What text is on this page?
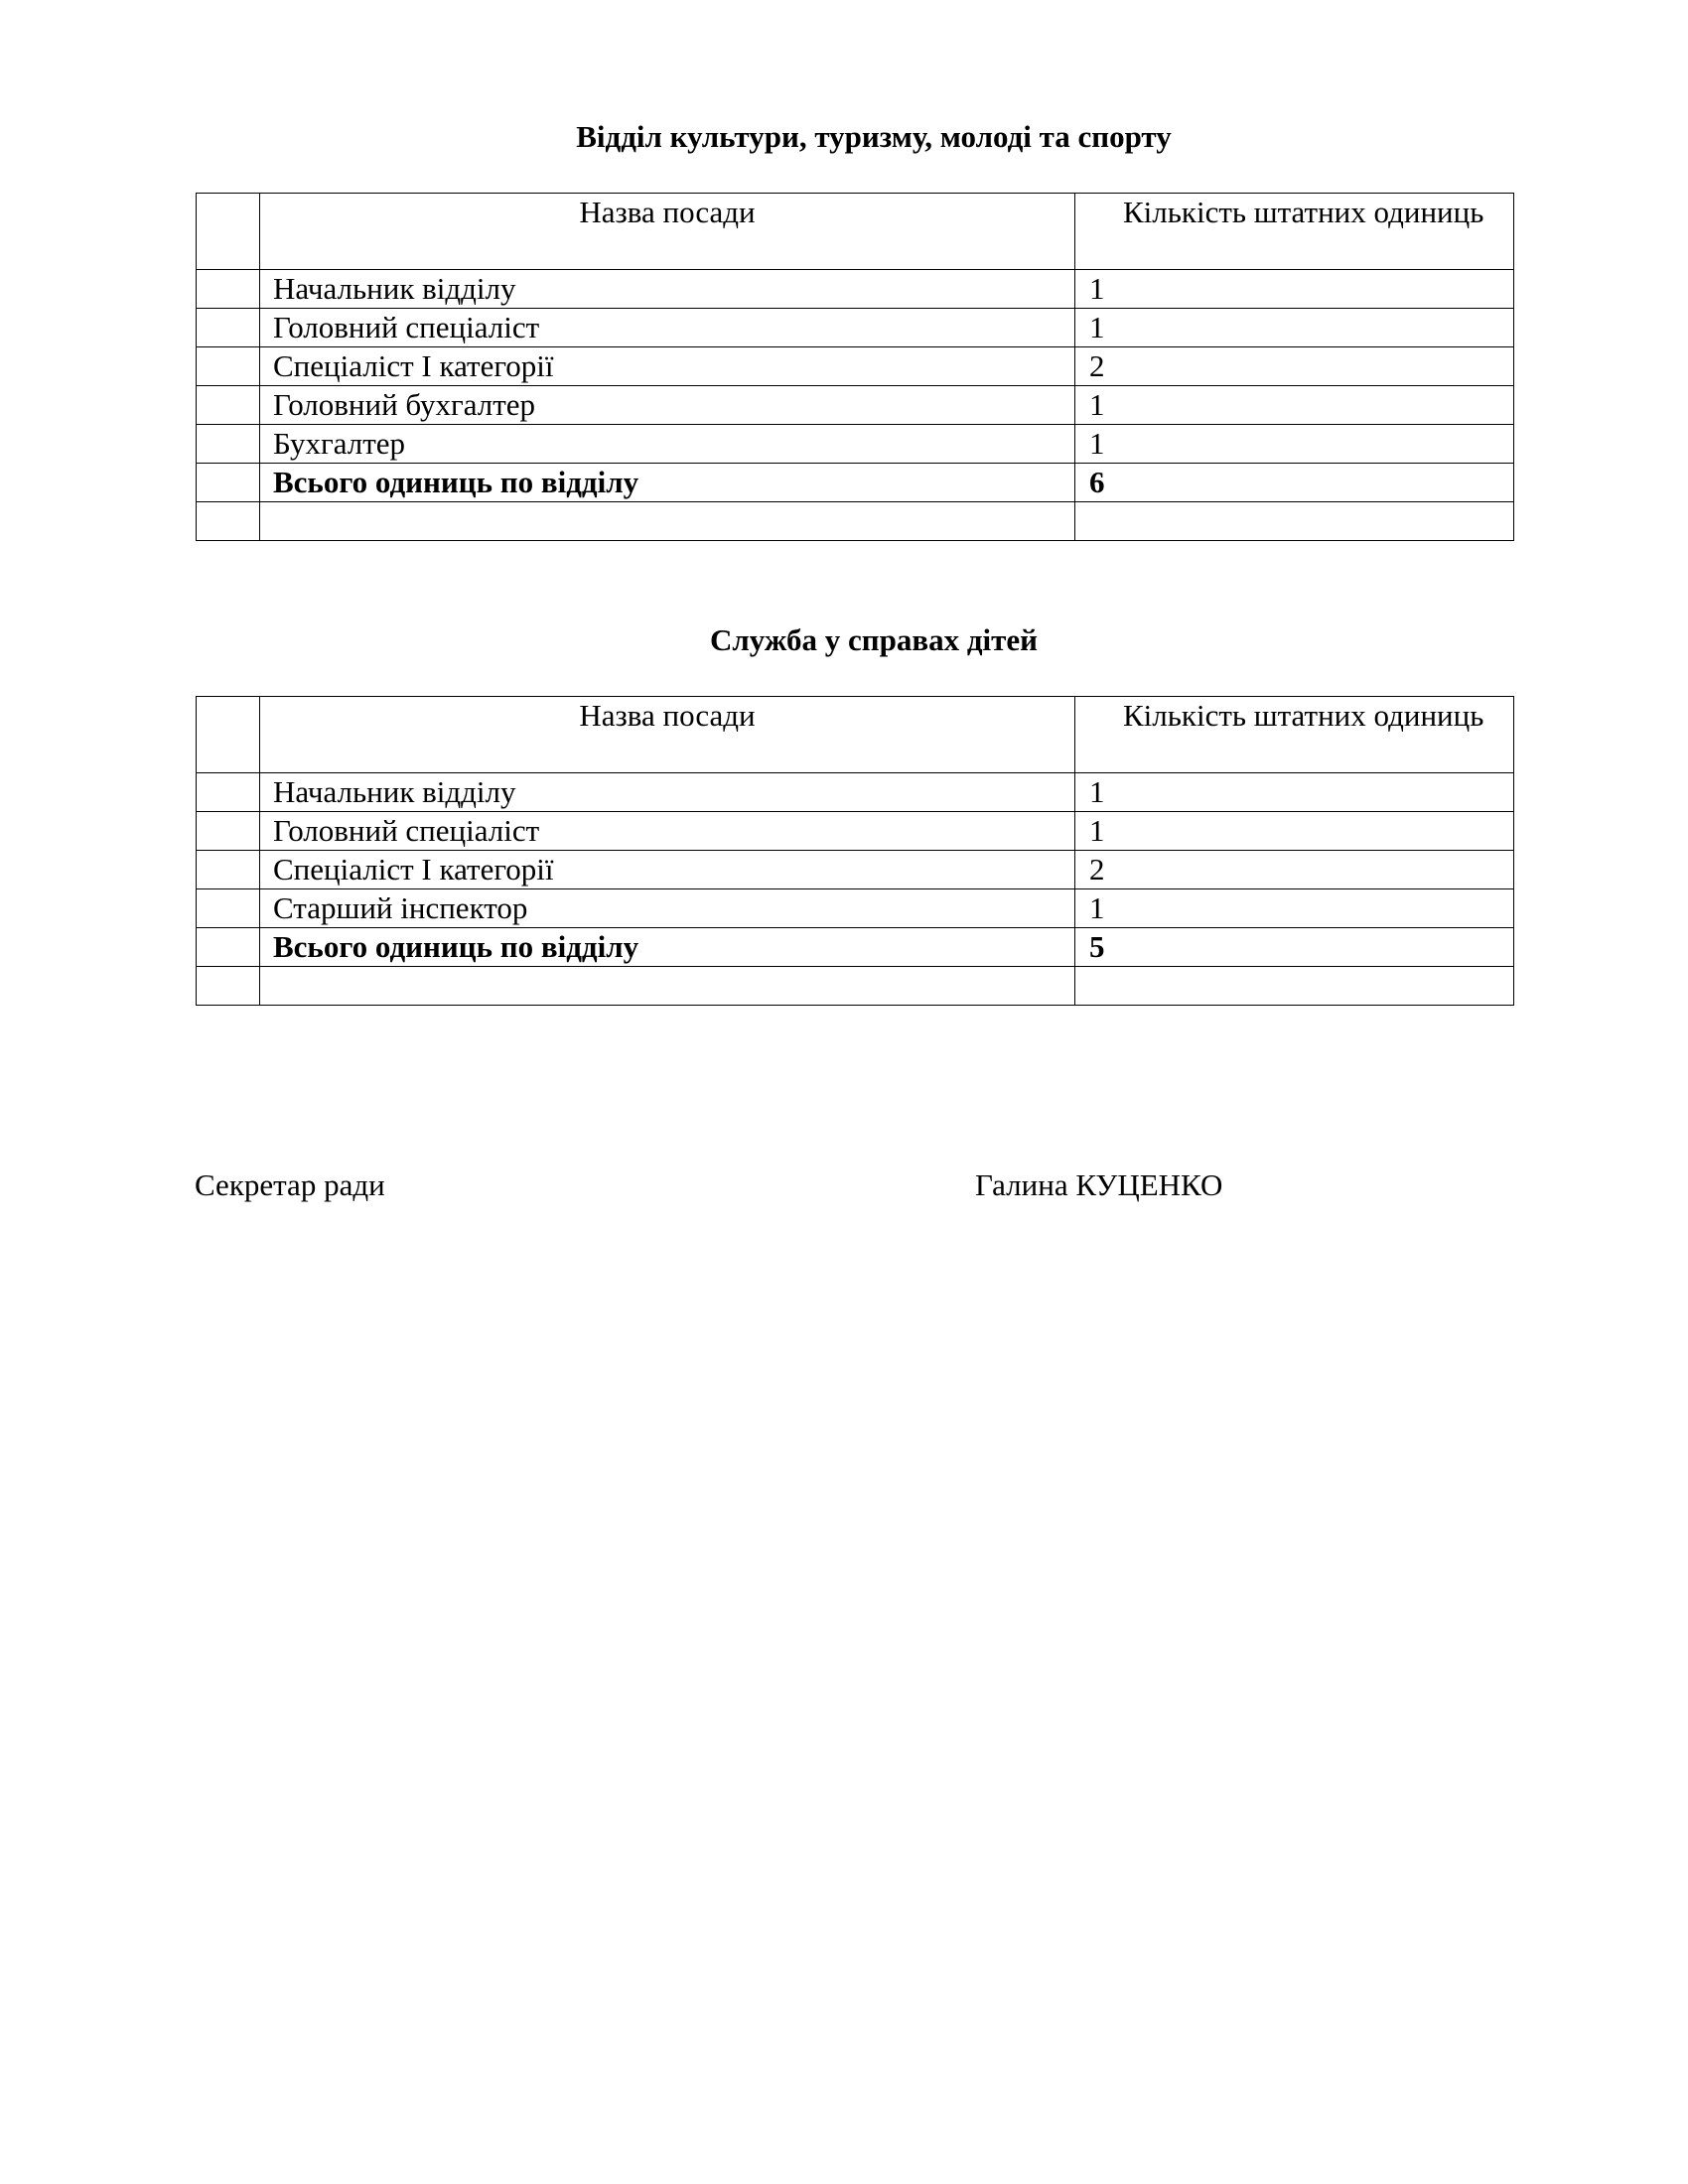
Відділ культури, туризму, молоді та спорту
	Назва посади	Кількість штатних одиниць
	Начальник відділу	1
	Головний спеціаліст	1
	Спеціаліст I категорії	2
	Головний бухгалтер	1
	Бухгалтер	1
	Всього одиниць по відділу	6

Служба у справах дітей
	Назва посади	Кількість штатних одиниць
	Начальник відділу	1
	Головний спеціаліст	1
	Спеціаліст I категорії	2
	Старший інспектор	1
	Всього одиниць по відділу	5

Секретар ради	Галина КУЦЕНКО
